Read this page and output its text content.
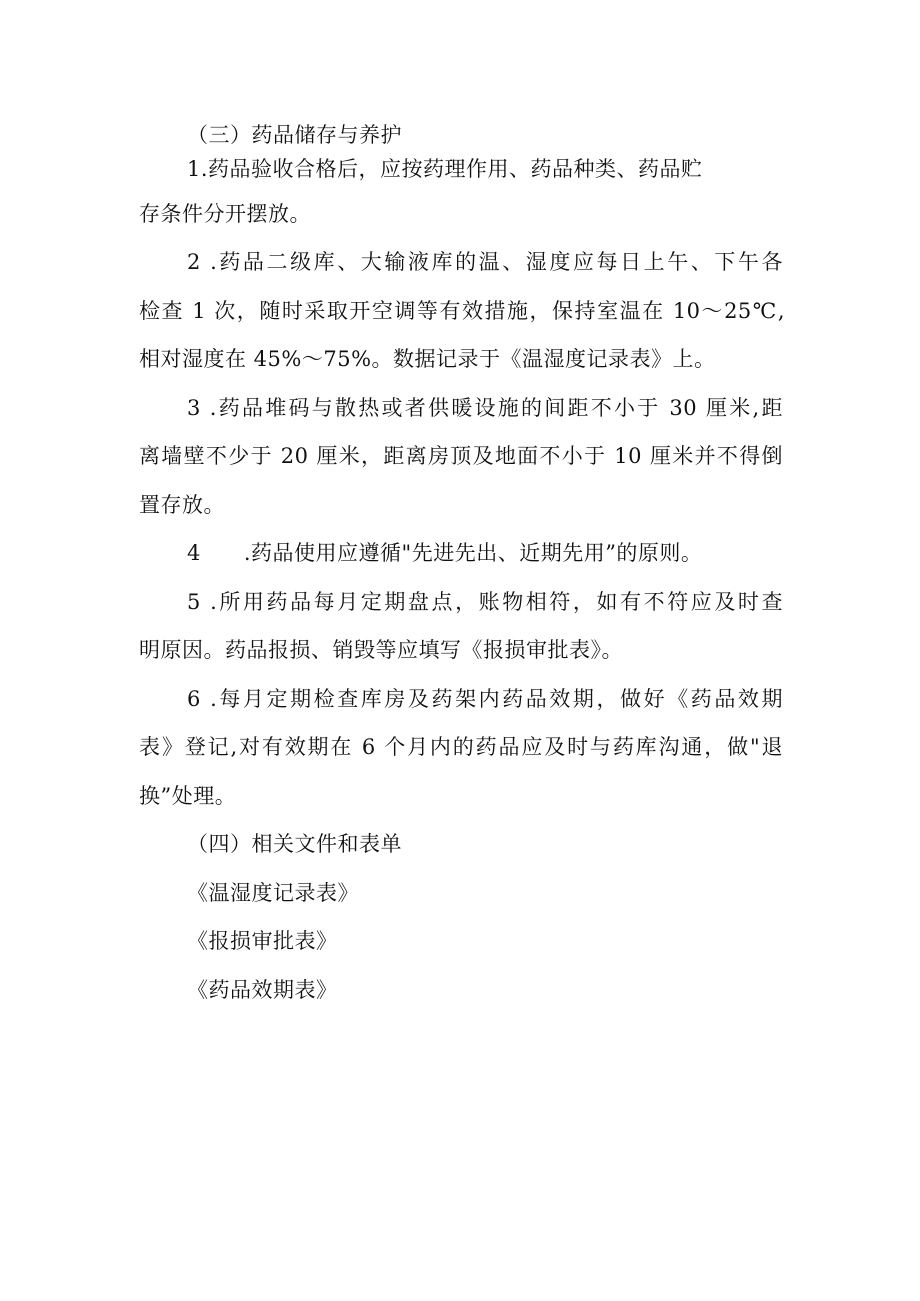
（三）药品储存与养护
1.药品验收合格后，应按药理作用、药品种类、药品贮
存条件分开摆放。
2 .药品二级库、大输液库的温、湿度应每日上午、下午各
检查 1 次，随时采取开空调等有效措施，保持室温在 10～25℃,
相对湿度在 45%～75%。数据记录于《温湿度记录表》上。
3 .药品堆码与散热或者供暖设施的间距不小于 30 厘米,距
离墙壁不少于 20 厘米，距离房顶及地面不小于 10 厘米并不得倒
置存放。
4　　.药品使用应遵循"先进先出、近期先用”的原则。
5 .所用药品每月定期盘点，账物相符，如有不符应及时查
明原因。药品报损、销毁等应填写《报损审批表》。
6 .每月定期检查库房及药架内药品效期，做好《药品效期
表》登记,对有效期在 6 个月内的药品应及时与药库沟通，做"退
换”处理。
（四）相关文件和表单
《温湿度记录表》
《报损审批表》
《药品效期表》
